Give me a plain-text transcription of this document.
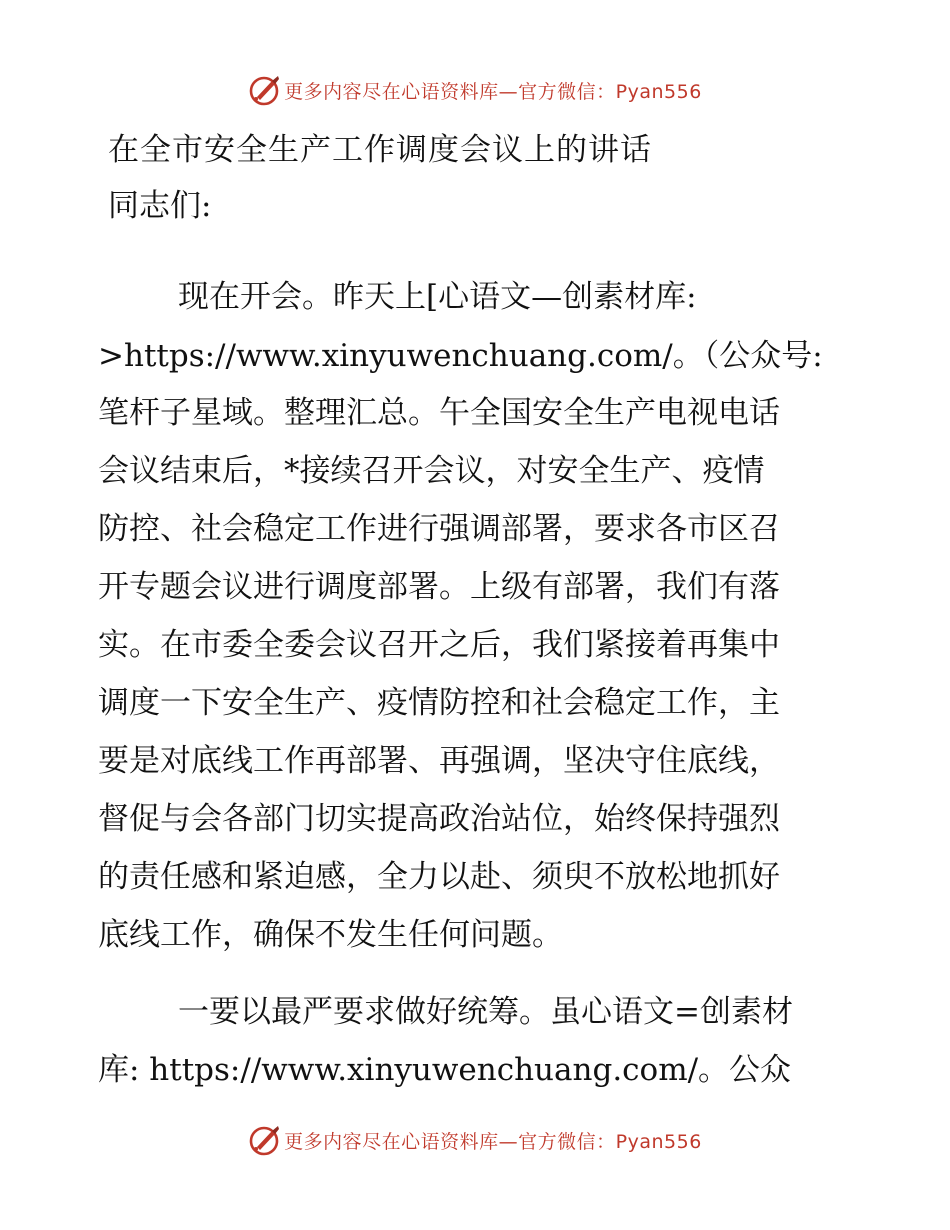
更多内容尽在心语资料库—官方微信：Pyan556
在全市安全生产工作调度会议上的讲话

同志们:

现在开会。昨天上[心语文—创素材库:

>https://www.xinyuwenchuang.com/。（公众号:

笔杆子星域。整理汇总。午全国安全生产电视电话

会议结束后，*接续召开会议，对安全生产、疫情

防控、社会稳定工作进行强调部署，要求各市区召

开专题会议进行调度部署。上级有部署，我们有落

实。在市委全委会议召开之后，我们紧接着再集中

调度一下安全生产、疫情防控和社会稳定工作，主

要是对底线工作再部署、再强调，坚决守住底线，

督促与会各部门切实提高政治站位，始终保持强烈

的责任感和紧迫感，全力以赴、须臾不放松地抓好

底线工作，确保不发生任何问题。

一要以最严要求做好统筹。虽心语文=创素材

库: https://www.xinyuwenchuang.com/。公众

更多内容尽在心语资料库—官方微信：Pyan556
